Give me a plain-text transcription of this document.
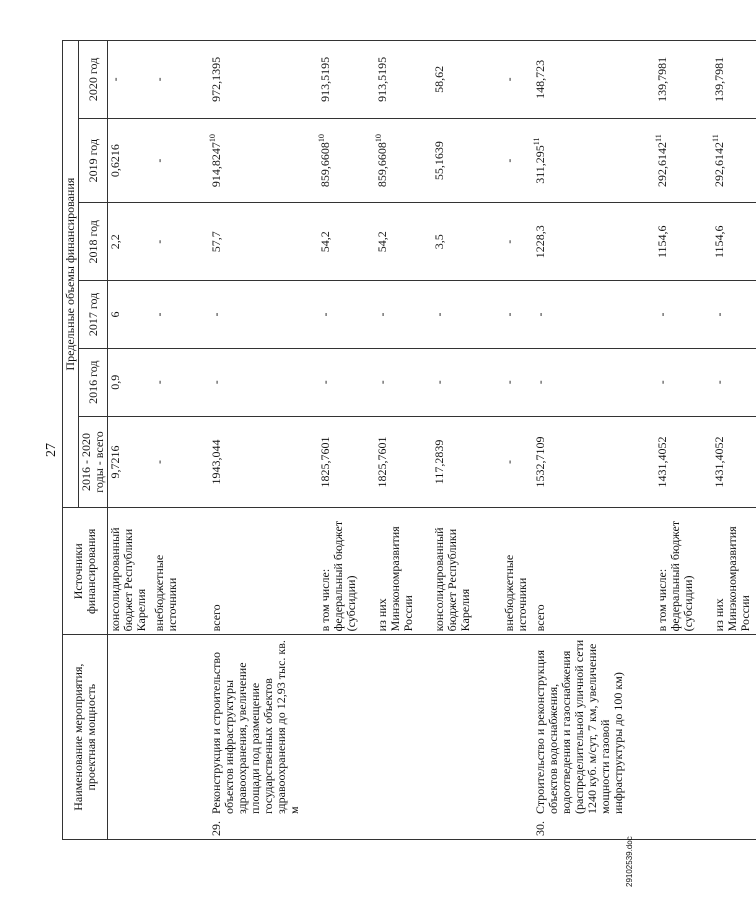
27
Наименование мероприятия, проектная мощность	Источники финансирования	Предельные объемы финансирования					
		2016 - 2020 годы - всего	2016 год	2017 год	2018 год	2019 год	2020 год
	консолидированный бюджет Республики Карелия	9,7216	0,9	6	2,2	0,6216	-
	внебюджетные источники	-	-	-	-	-	-

29.
Реконструкция и строительство объектов инфраструктуры здравоохранения, увеличение площади под размещение государственных объектов здравоохранения до 12,93 тыс. кв. м	всего	1943,044	-	-	57,7	914,8247$^{10}$	972,1395
	в том числе: федеральный бюджет (субсидии)	1825,7601	-	-	54,2	859,6608$^{10}$	913,5195
	из них Минэкономразвития России	1825,7601	-	-	54,2	859,6608$^{10}$	913,5195
	консолидированный бюджет Республики Карелия	117,2839	-	-	3,5	55,1639	58,62
	внебюджетные источники	-	-	-	-	-	-

30.
Строительство и реконструкция объектов водоснабжения, водоотведения и газоснабжения (распределительной уличной сети 1240 куб. м/сут, 7 км, увеличение мощности газовой инфраструктуры до 100 км)	всего	1532,7109	-	-	1228,3	311,295$^{11}$	148,723
	в том числе: федеральный бюджет (субсидии)	1431,4052	-	-	1154,6	292,6142$^{11}$	139,7981
	из них Минэкономразвития России	1431,4052	-	-	1154,6	292,6142$^{11}$	139,7981
29102539.doc
